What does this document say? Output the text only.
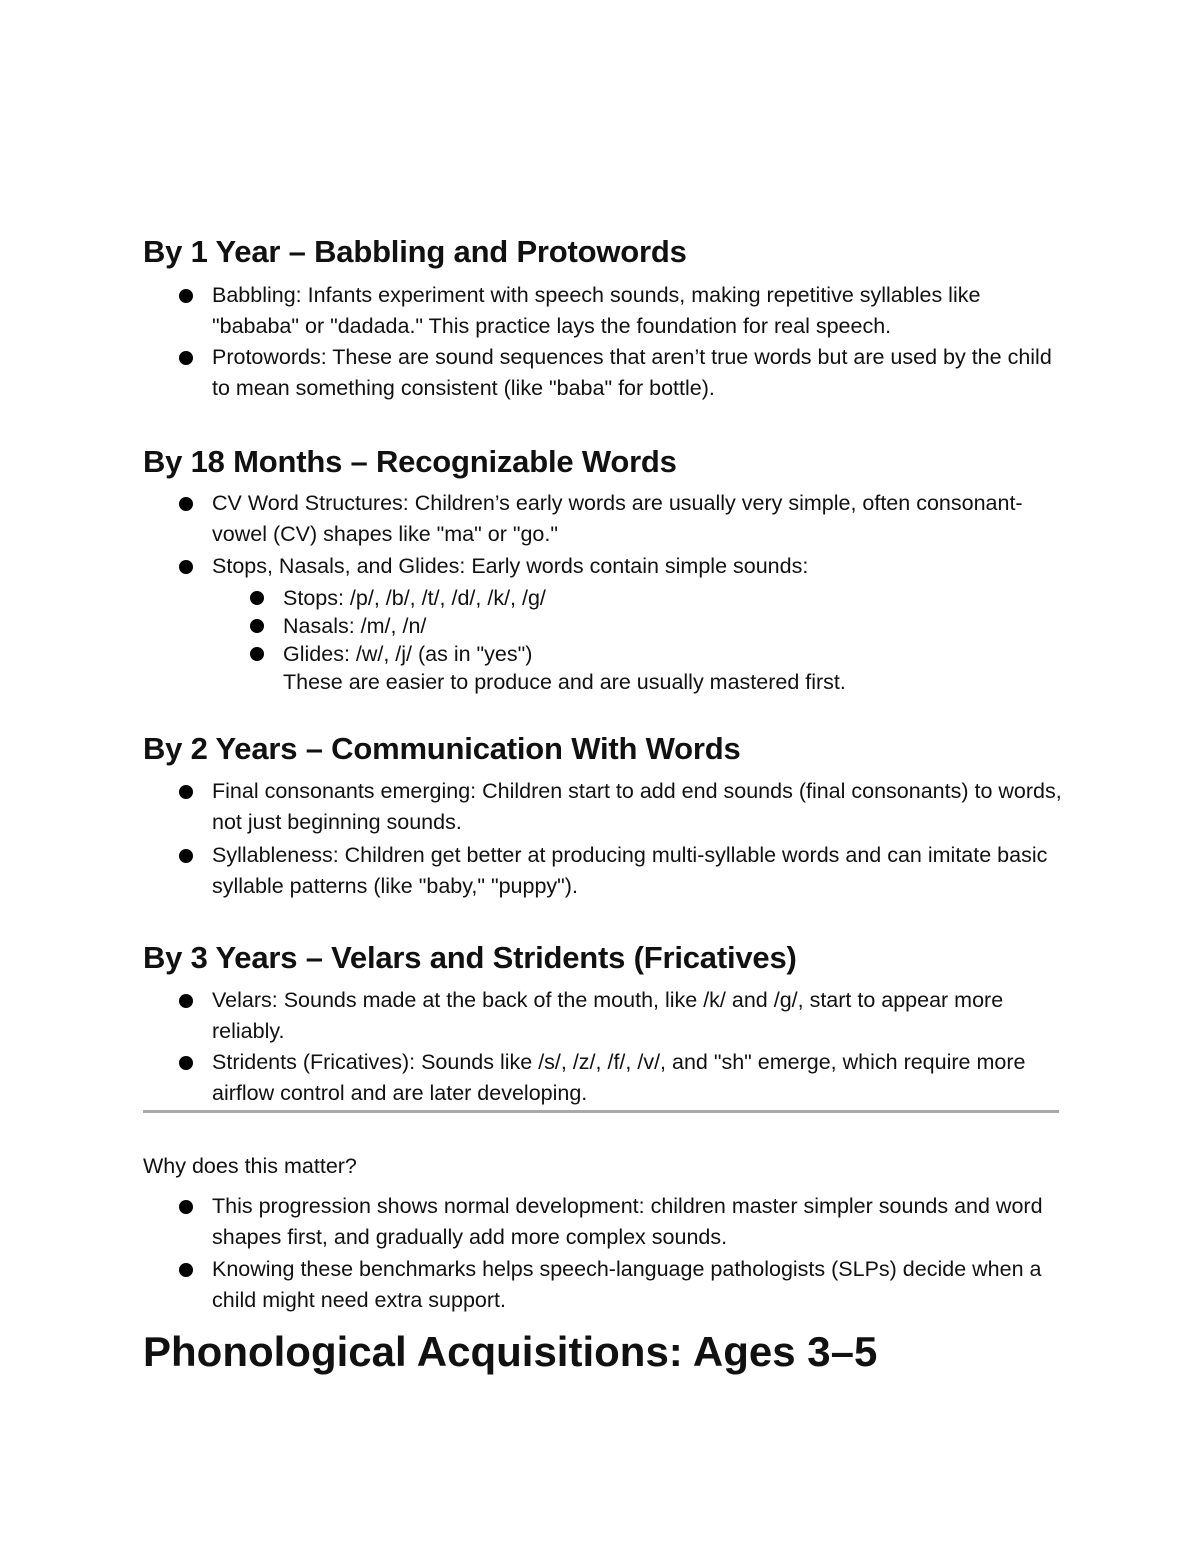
By 1 Year – Babbling and Protowords

Babbling: Infants experiment with speech sounds, making repetitive syllables like "bababa" or "dadada." This practice lays the foundation for real speech.

Protowords: These are sound sequences that aren’t true words but are used by the child to mean something consistent (like "baba" for bottle).

By 18 Months – Recognizable Words

CV Word Structures: Children’s early words are usually very simple, often consonant-vowel (CV) shapes like "ma" or "go."

Stops, Nasals, and Glides: Early words contain simple sounds:

Stops: /p/, /b/, /t/, /d/, /k/, /g/

Nasals: /m/, /n/

Glides: /w/, /j/ (as in "yes")

These are easier to produce and are usually mastered first.

By 2 Years – Communication With Words

Final consonants emerging: Children start to add end sounds (final consonants) to words, not just beginning sounds.

Syllableness: Children get better at producing multi-syllable words and can imitate basic syllable patterns (like "baby," "puppy").

By 3 Years – Velars and Stridents (Fricatives)

Velars: Sounds made at the back of the mouth, like /k/ and /g/, start to appear more reliably.

Stridents (Fricatives): Sounds like /s/, /z/, /f/, /v/, and "sh" emerge, which require more airflow control and are later developing.

Why does this matter?

This progression shows normal development: children master simpler sounds and word shapes first, and gradually add more complex sounds.

Knowing these benchmarks helps speech-language pathologists (SLPs) decide when a child might need extra support.

Phonological Acquisitions: Ages 3–5
